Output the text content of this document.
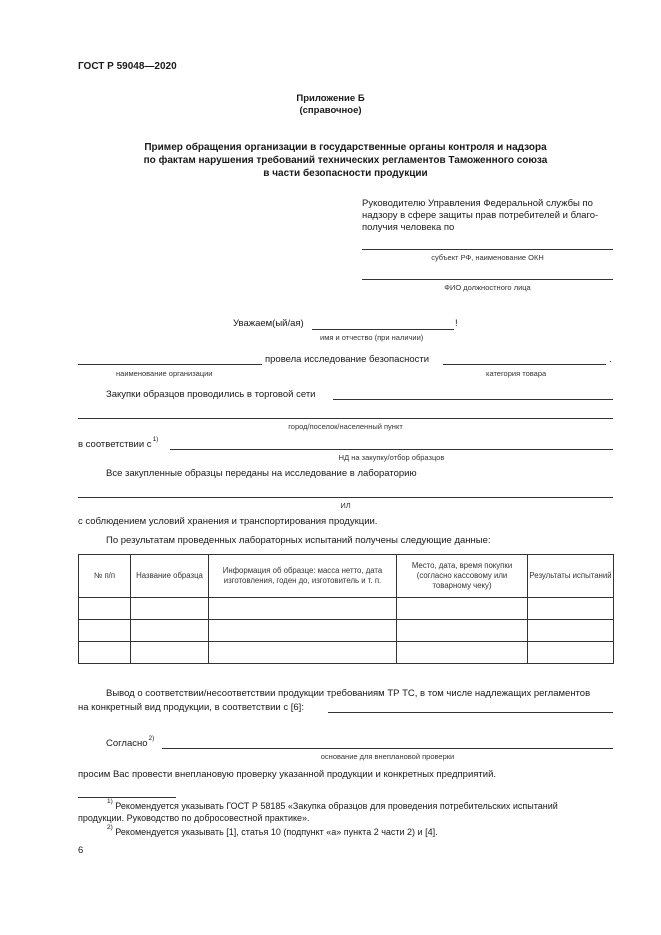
ГОСТ Р 59048—2020
Приложение Б
(справочное)
Пример обращения организации в государственные органы контроля и надзора
по фактам нарушения требований технических регламентов Таможенного союза
в части безопасности продукции
Руководителю Управления Федеральной службы по
надзору в сфере защиты прав потребителей и благо-
получия человека по
субъект РФ, наименование ОКН
ФИО должностного лица
Уважаем(ый/ая)	!
имя и отчество (при наличии)
провела исследование безопасности	.
наименование организации	категория товара
Закупки образцов проводились в торговой сети
город/поселок/населенный пункт
в соответствии $с^{1)}$
НД на закупку/отбор образцов
Все закупленные образцы переданы на исследование в лабораторию
ИЛ
с соблюдением условий хранения и транспортирования продукции.
По результатам проведенных лабораторных испытаний получены следующие данные:
№ п/п	Название образца	Информация об образце: масса нетто, дата изготовления, годен до, изготовитель и т. п.	Место, дата, время покупки (согласно кассовому или товарному чеку)	Результаты испытаний

Вывод о соответствии/несоответствии продукции требованиям ТР ТС, в том числе надлежащих регламентов
на конкретный вид продукции, в соответствии с [6]:
Согласно$^{2)}$
основание для внеплановой проверки
просим Вас провести внеплановую проверку указанной продукции и конкретных предприятий.
$^{1)}$ Рекомендуется указывать ГОСТ Р 58185 «Закупка образцов для проведения потребительских испытаний
продукции. Руководство по добросовестной практике».
$^{2)}$ Рекомендуется указывать [1], статья 10 (подпункт «а» пункта 2 части 2) и [4].
6
